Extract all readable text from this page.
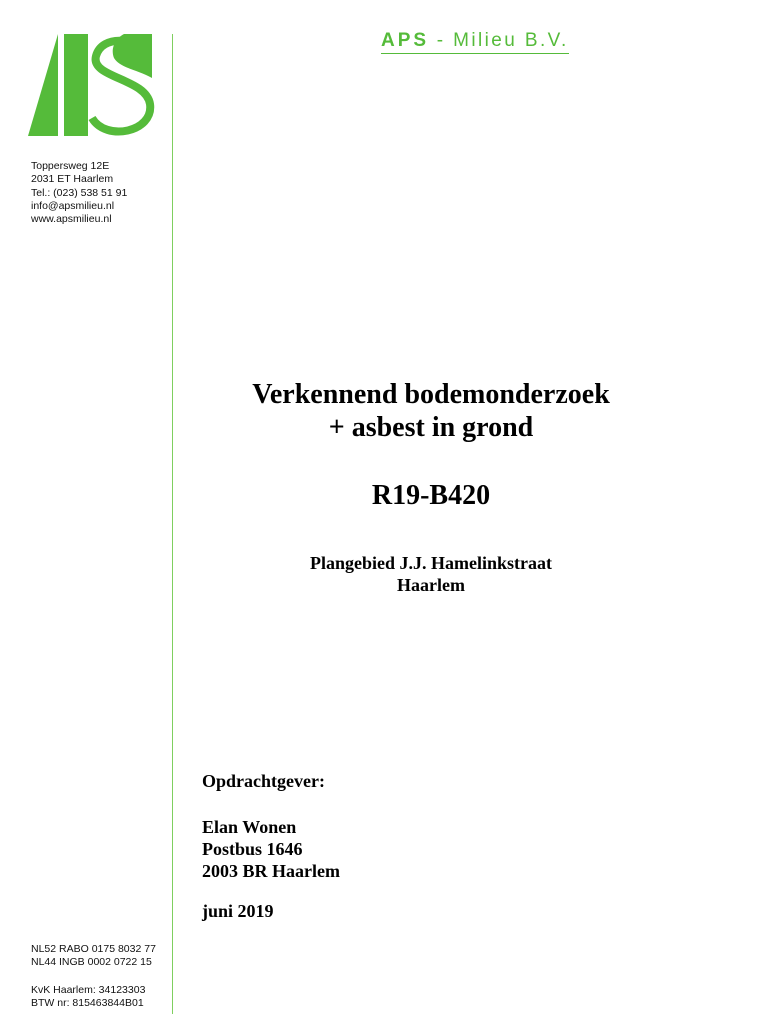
APS - Milieu B.V.
Toppersweg 12E
2031 ET Haarlem
Tel.: (023) 538 51 91
info@apsmilieu.nl
www.apsmilieu.nl
Verkennend bodemonderzoek
+ asbest in grond
R19-B420
Plangebied J.J. Hamelinkstraat
Haarlem
Opdrachtgever:
Elan Wonen
Postbus 1646
2003 BR Haarlem
juni 2019
NL52 RABO 0175 8032 77
NL44 INGB 0002 0722 15
KvK Haarlem: 34123303
BTW nr: 815463844B01
